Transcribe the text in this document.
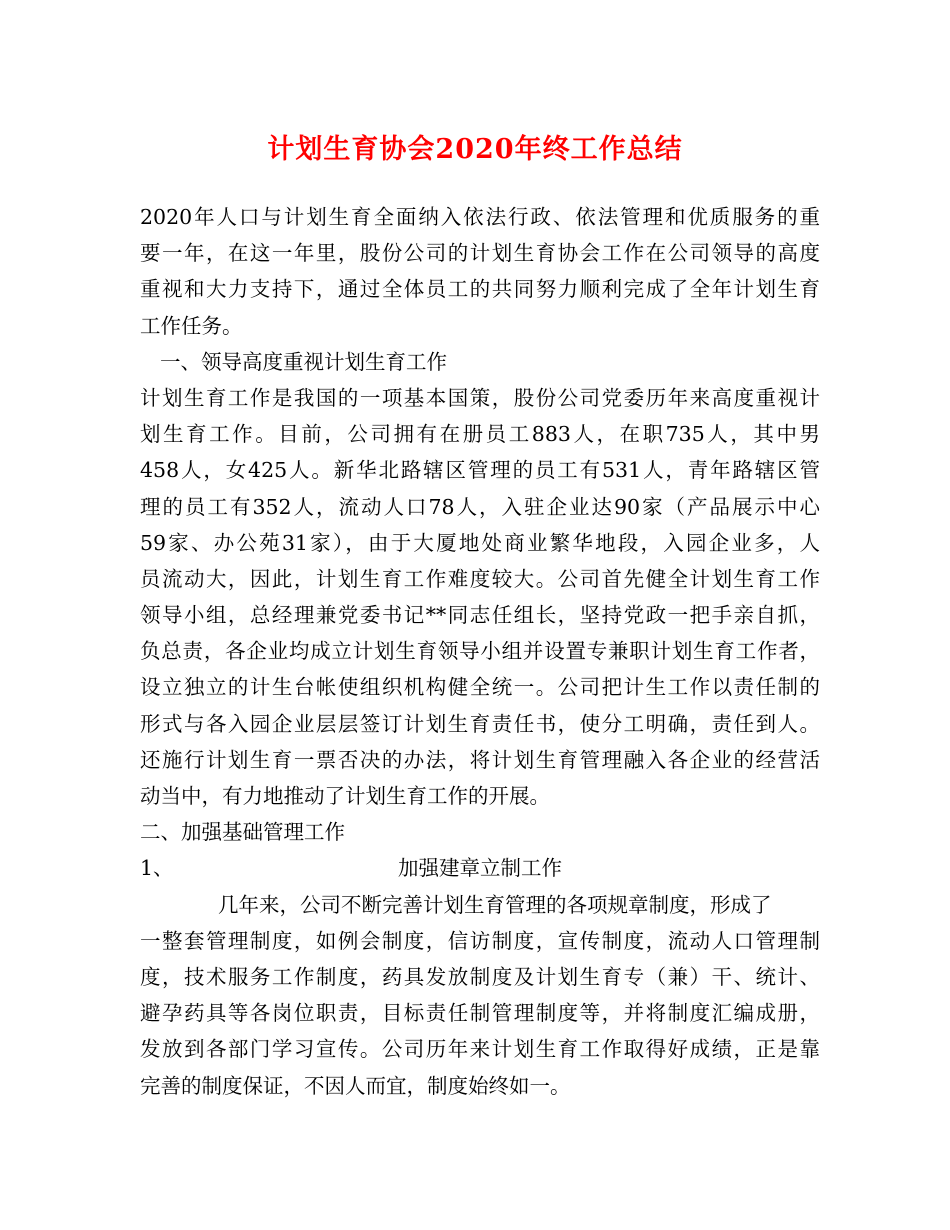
计划生育协会2020年终工作总结
2020年人口与计划生育全面纳入依法行政、依法管理和优质服务的重
要一年，在这一年里，股份公司的计划生育协会工作在公司领导的高度
重视和大力支持下，通过全体员工的共同努力顺利完成了全年计划生育
工作任务。
一、领导高度重视计划生育工作
计划生育工作是我国的一项基本国策，股份公司党委历年来高度重视计
划生育工作。目前，公司拥有在册员工883人，在职735人，其中男
458人，女425人。新华北路辖区管理的员工有531人，青年路辖区管
理的员工有352人，流动人口78人，入驻企业达90家（产品展示中心
59家、办公苑31家），由于大厦地处商业繁华地段，入园企业多，人
员流动大，因此，计划生育工作难度较大。公司首先健全计划生育工作
领导小组，总经理兼党委书记**同志任组长，坚持党政一把手亲自抓，
负总责，各企业均成立计划生育领导小组并设置专兼职计划生育工作者，
设立独立的计生台帐使组织机构健全统一。公司把计生工作以责任制的
形式与各入园企业层层签订计划生育责任书，使分工明确，责任到人。
还施行计划生育一票否决的办法，将计划生育管理融入各企业的经营活
动当中，有力地推动了计划生育工作的开展。
二、加强基础管理工作
1、	加强建章立制工作
几年来，公司不断完善计划生育管理的各项规章制度，形成了
一整套管理制度，如例会制度，信访制度，宣传制度，流动人口管理制
度，技术服务工作制度，药具发放制度及计划生育专（兼）干、统计、
避孕药具等各岗位职责，目标责任制管理制度等，并将制度汇编成册，
发放到各部门学习宣传。公司历年来计划生育工作取得好成绩，正是靠
完善的制度保证，不因人而宜，制度始终如一。
